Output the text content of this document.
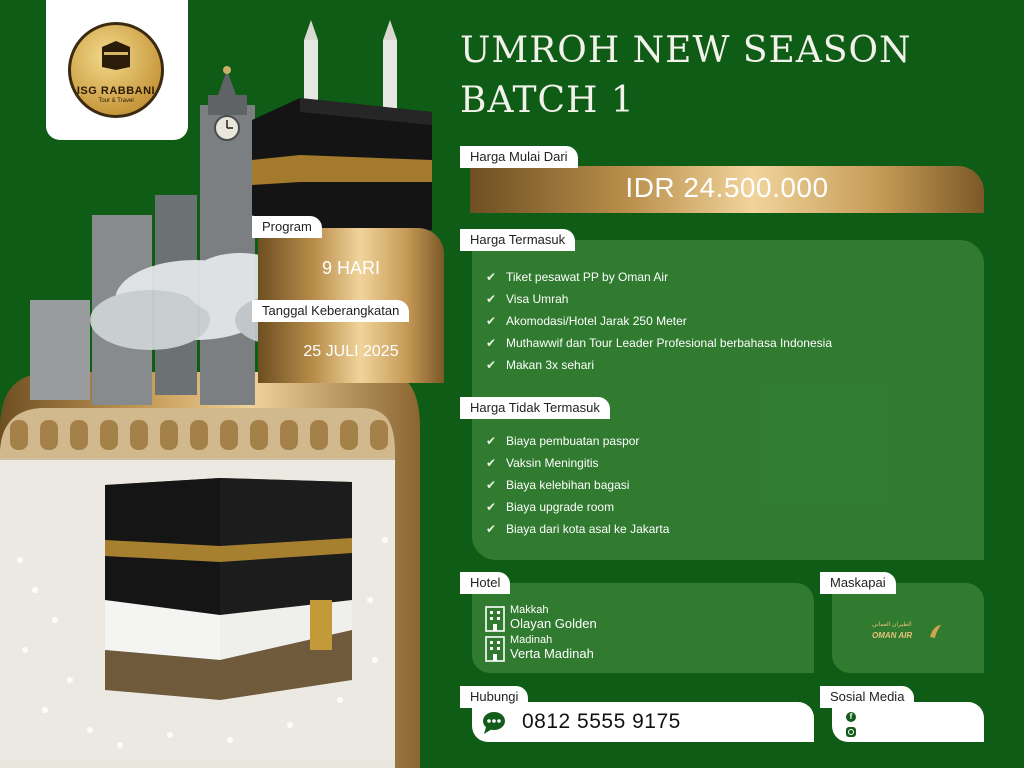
ISG RABBANI
Tour & Travel
Program
9 HARI
Tanggal Keberangkatan
25 JULI 2025
UMROH NEW SEASON
BATCH 1
Harga Mulai Dari
IDR 24.500.000
Harga Termasuk
✔ Tiket pesawat PP by Oman Air
✔ Visa Umrah
✔ Akomodasi/Hotel Jarak 250 Meter
✔ Muthawwif dan Tour Leader Profesional berbahasa Indonesia
✔ Makan 3x sehari
Harga Tidak Termasuk
✔ Biaya pembuatan paspor
✔ Vaksin Meningitis
✔ Biaya kelebihan bagasi
✔ Biaya upgrade room
✔ Biaya dari kota asal ke Jakarta
Makkah
Olayan Golden
Madinah
Verta Madinah
Hotel
الطيران العماني
OMAN AIR
Maskapai
0812 5555 9175
Hubungi
f
Sosial Media
